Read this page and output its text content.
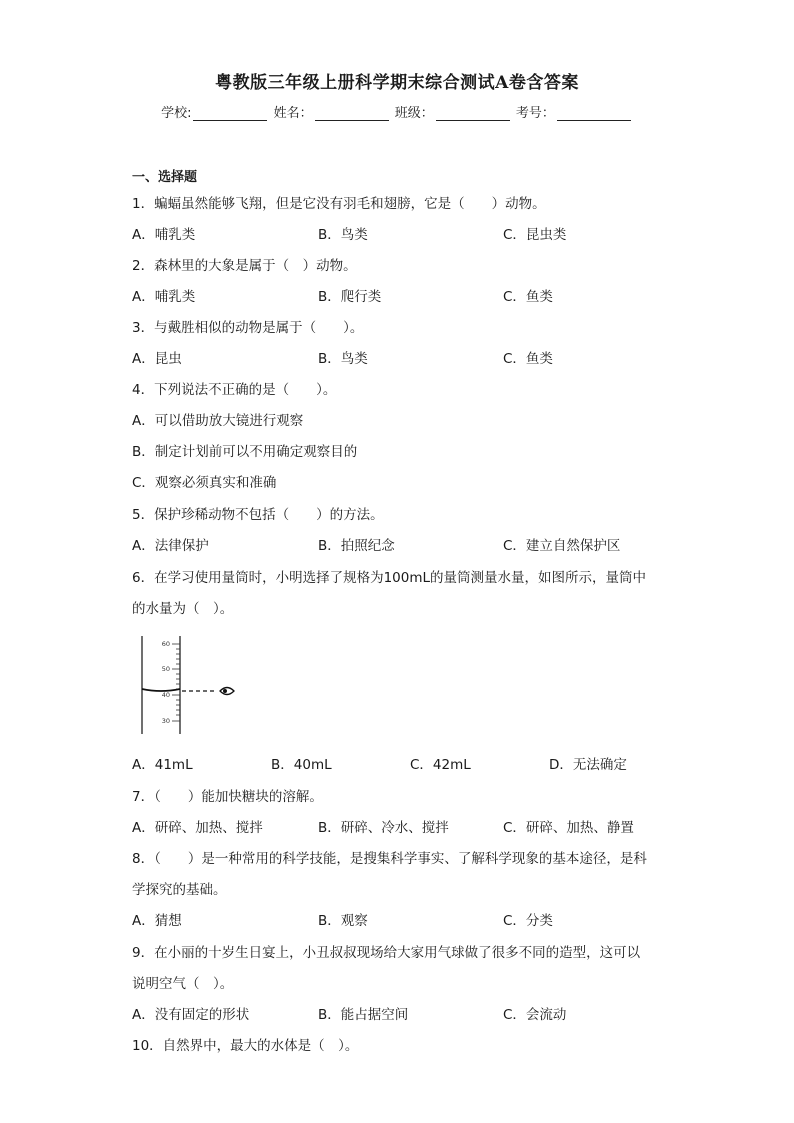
粤教版三年级上册科学期末综合测试A卷含答案
学校:	姓名：	班级：	考号：
一、选择题
1．蝙蝠虽然能够飞翔，但是它没有羽毛和翅膀，它是（　　）动物。
A．哺乳类	B．鸟类	C．昆虫类
2．森林里的大象是属于（　）动物。
A．哺乳类	B．爬行类	C．鱼类
3．与戴胜相似的动物是属于（　　）。
A．昆虫	B．鸟类	C．鱼类
4．下列说法不正确的是（　　）。
A．可以借助放大镜进行观察
B．制定计划前可以不用确定观察目的
C．观察必须真实和准确
5．保护珍稀动物不包括（　　）的方法。
A．法律保护	B．拍照纪念	C．建立自然保护区
6．在学习使用量筒时，小明选择了规格为100mL的量筒测量水量，如图所示，量筒中
的水量为（　）。
60
50
40
30
A．41mL	B．40mL	C．42mL	D．无法确定
7．（　　）能加快糖块的溶解。
A．研碎、加热、搅拌	B．研碎、冷水、搅拌	C．研碎、加热、静置
8．（　　）是一种常用的科学技能，是搜集科学事实、了解科学现象的基本途径，是科
学探究的基础。
A．猜想	B．观察	C．分类
9．在小丽的十岁生日宴上，小丑叔叔现场给大家用气球做了很多不同的造型，这可以
说明空气（　）。
A．没有固定的形状	B．能占据空间	C．会流动
10．自然界中，最大的水体是（　）。
